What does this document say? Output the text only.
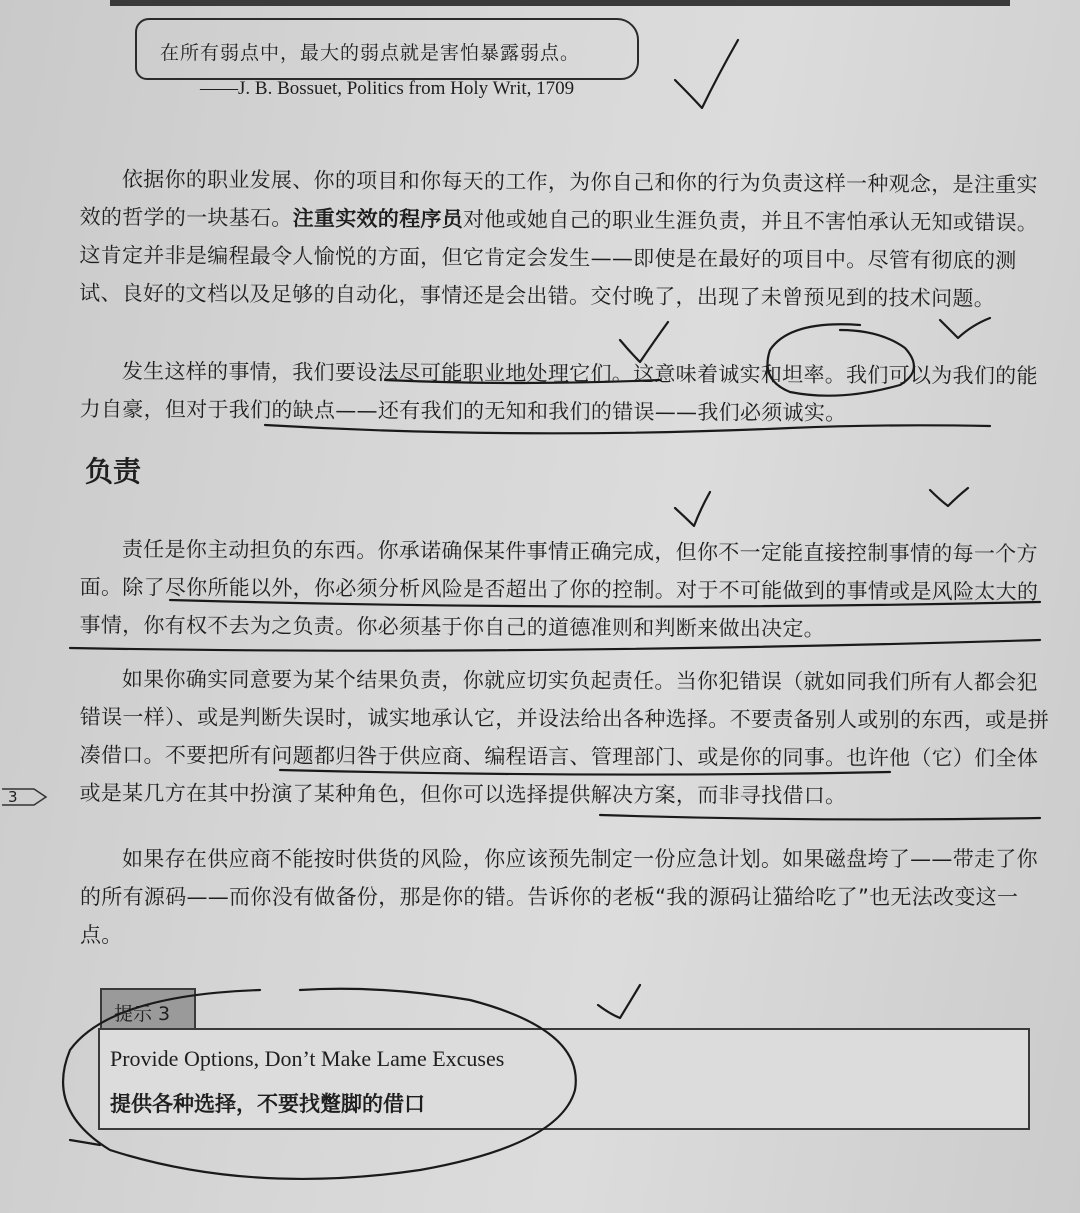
在所有弱点中，最大的弱点就是害怕暴露弱点。
——J. B. Bossuet, Politics from Holy Writ, 1709
依据你的职业发展、你的项目和你每天的工作，为你自己和你的行为负责这样一种观念，是注重实效的哲学的一块基石。注重实效的程序员对他或她自己的职业生涯负责，并且不害怕承认无知或错误。这肯定并非是编程最令人愉悦的方面，但它肯定会发生——即使是在最好的项目中。尽管有彻底的测试、良好的文档以及足够的自动化，事情还是会出错。交付晚了，出现了未曾预见到的技术问题。
发生这样的事情，我们要设法尽可能职业地处理它们。这意味着诚实和坦率。我们可以为我们的能力自豪，但对于我们的缺点——还有我们的无知和我们的错误——我们必须诚实。
负责
责任是你主动担负的东西。你承诺确保某件事情正确完成，但你不一定能直接控制事情的每一个方面。除了尽你所能以外，你必须分析风险是否超出了你的控制。对于不可能做到的事情或是风险太大的事情，你有权不去为之负责。你必须基于你自己的道德准则和判断来做出决定。
如果你确实同意要为某个结果负责，你就应切实负起责任。当你犯错误（就如同我们所有人都会犯错误一样）、或是判断失误时，诚实地承认它，并设法给出各种选择。不要责备别人或别的东西，或是拼凑借口。不要把所有问题都归咎于供应商、编程语言、管理部门、或是你的同事。也许他（它）们全体或是某几方在其中扮演了某种角色，但你可以选择提供解决方案，而非寻找借口。
3
如果存在供应商不能按时供货的风险，你应该预先制定一份应急计划。如果磁盘垮了——带走了你的所有源码——而你没有做备份，那是你的错。告诉你的老板“我的源码让猫给吃了”也无法改变这一点。
提示 3
Provide Options, Don’t Make Lame Excuses
提供各种选择，不要找蹩脚的借口
